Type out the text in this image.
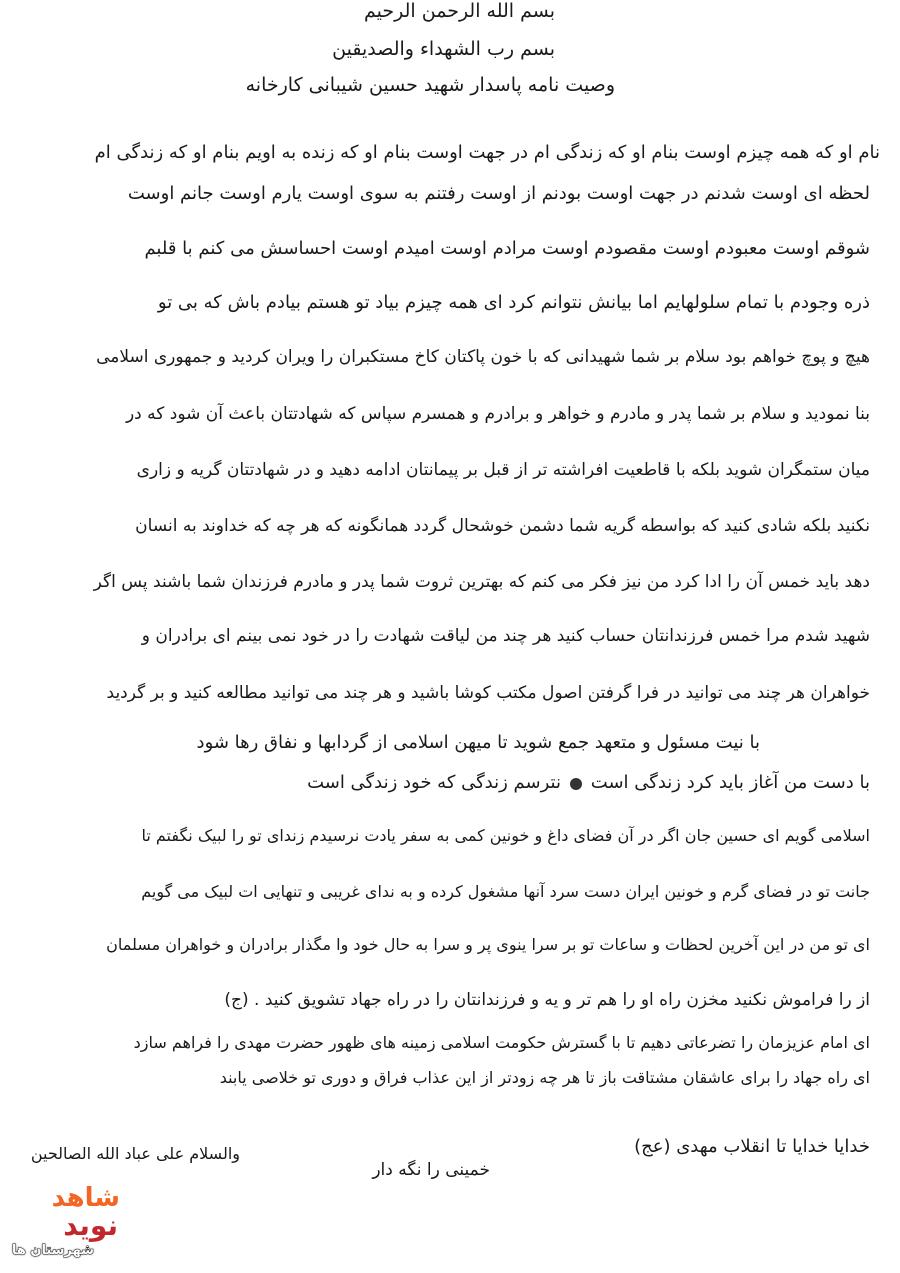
بسم الله الرحمن الرحیم
بسم رب الشهداء والصدیقین
وصیت نامه پاسدار شهید حسین شیبانی کارخانه
نام او که همه چیزم اوست بنام او که زندگی ام در جهت اوست بنام او که زنده به اویم بنام او که زندگی ام
لحظه ای اوست شدنم در جهت اوست بودنم از اوست رفتنم به سوی اوست یارم اوست جانم اوست
شوقم اوست معبودم اوست مقصودم اوست مرادم اوست امیدم اوست احساسش می کنم با قلبم
ذره وجودم با تمام سلولهایم اما بیانش نتوانم کرد ای همه چیزم بیاد تو هستم بیادم باش که بی تو
هیچ و پوچ خواهم بود سلام بر شما شهیدانی که با خون پاکتان کاخ مستکبران را ویران کردید و جمهوری اسلامی
بنا نمودید و سلام بر شما پدر و مادرم و خواهر و برادرم و همسرم سپاس که شهادتتان باعث آن شود که در
میان ستمگران شوید بلکه با قاطعیت افراشته تر از قبل بر پیمانتان ادامه دهید و در شهادتتان گریه و زاری
نکنید بلکه شادی کنید که بواسطه گریه شما دشمن خوشحال گردد همانگونه که هر چه که خداوند به انسان
دهد باید خمس آن را ادا کرد من نیز فکر می کنم که بهترین ثروت شما پدر و مادرم فرزندان شما باشند پس اگر
شهید شدم مرا خمس فرزندانتان حساب کنید هر چند من لیاقت شهادت را در خود نمی بینم ای برادران و
خواهران هر چند می توانید در فرا گرفتن اصول مکتب کوشا باشید و هر چند می توانید مطالعه کنید و بر گردید
با نیت مسئول و متعهد جمع شوید تا میهن اسلامی از گردابها و نفاق رها شود
نترسم زندگی که خود زندگی است با دست من آغاز باید کرد زندگی است
اسلامی گویم ای حسین جان اگر در آن فضای داغ و خونین کمی به سفر یادت نرسیدم زندای تو را لبیک نگفتم تا
جانت تو در فضای گرم و خونین ایران دست سرد آنها مشغول کرده و به ندای غریبی و تنهایی ات لبیک می گویم
ای تو من در این آخرین لحظات و ساعات تو بر سرا ینوی پر و سرا به حال خود وا مگذار برادران و خواهران مسلمان
از را فراموش نکنید مخزن راه او را هم تر و یه و فرزندانتان را در راه جهاد تشویق کنید . (ج)
ای امام عزیزمان را تضرعاتی دهیم تا با گسترش حکومت اسلامی زمینه های ظهور حضرت مهدی را فراهم سازد
ای راه جهاد را برای عاشقان مشتاقت باز تا هر چه زودتر از این عذاب فراق و دوری تو خلاصی یابند
خدایا خدایا تا انقلاب مهدی (عج)
خمینی را نگه دار
والسلام علی عباد الله الصالحین
شاهد
نوید
شهرستان ها
